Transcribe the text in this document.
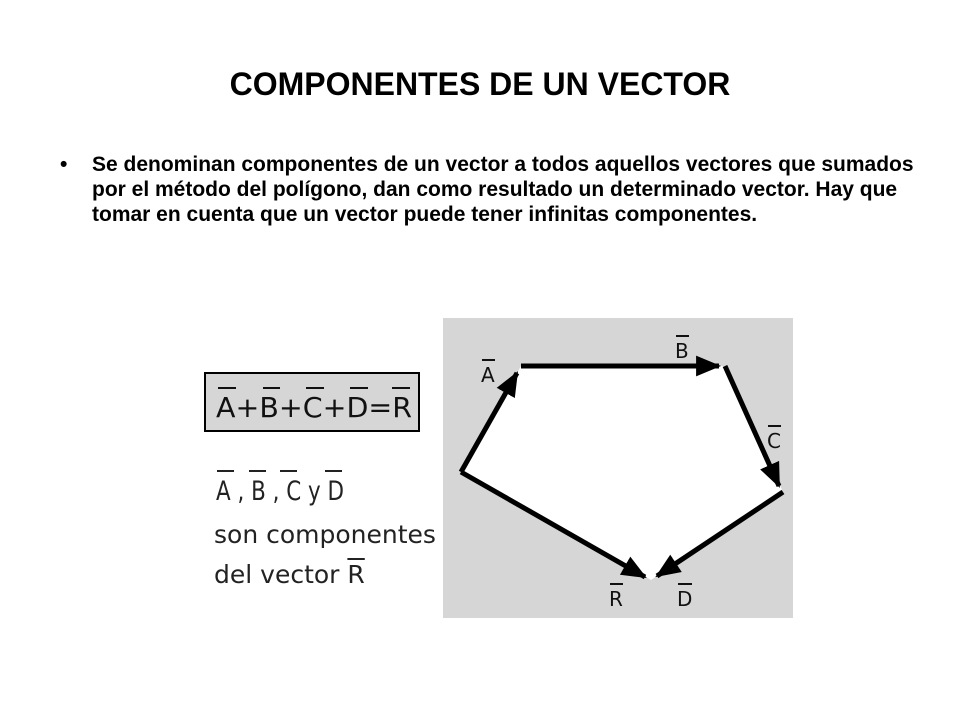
COMPONENTES DE UN VECTOR
• Se denominan componentes de un vector a todos aquellos vectores que sumados por el método del polígono, dan como resultado un determinado vector. Hay que tomar en cuenta que un vector puede tener infinitas componentes.
A+B+C+D=R
A , B , C y D
son componentes
del vector $\overline{R}$
A
B
C
R	D
